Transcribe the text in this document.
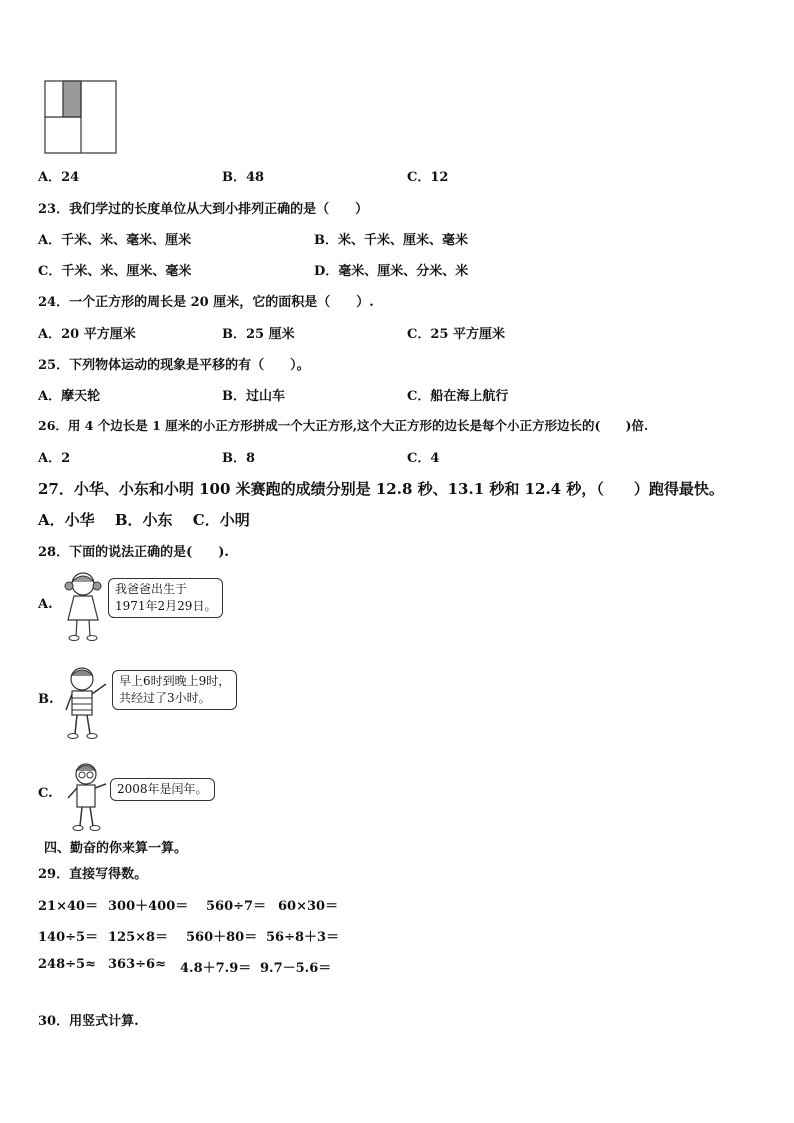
A．24	B．48	C．12
23．我们学过的长度单位从大到小排列正确的是（　　）
A．千米、米、毫米、厘米	B．米、千米、厘米、毫米
C．千米、米、厘米、毫米	D．毫米、厘米、分米、米
24．一个正方形的周长是 20 厘米，它的面积是（　　）.
A．20 平方厘米	B．25 厘米	C．25 平方厘米
25．下列物体运动的现象是平移的有（　　）。
A．摩天轮	B．过山车	C．船在海上航行
26．用 4 个边长是 1 厘米的小正方形拼成一个大正方形,这个大正方形的边长是每个小正方形边长的(　　)倍.
A．2	B．8	C．4
27．小华、小东和小明 100 米赛跑的成绩分别是 12.8 秒、13.1 秒和 12.4 秒，（　　）跑得最快。
A．小华　 B．小东　 C．小明
28．下面的说法正确的是(　　).
A.
我爸爸出生于
1971年2月29日。
B.
早上6时到晚上9时，
共经过了3小时。
C.	2008年是闰年。
四、勤奋的你来算一算。
29．直接写得数。
21×40＝ 300＋400＝ 560÷7＝ 60×30＝
140÷5＝ 125×8＝ 560＋80＝ 56÷8＋3＝
248÷5≈ 363÷6≈ 4.8＋7.9＝ 9.7－5.6＝
30．用竖式计算.
